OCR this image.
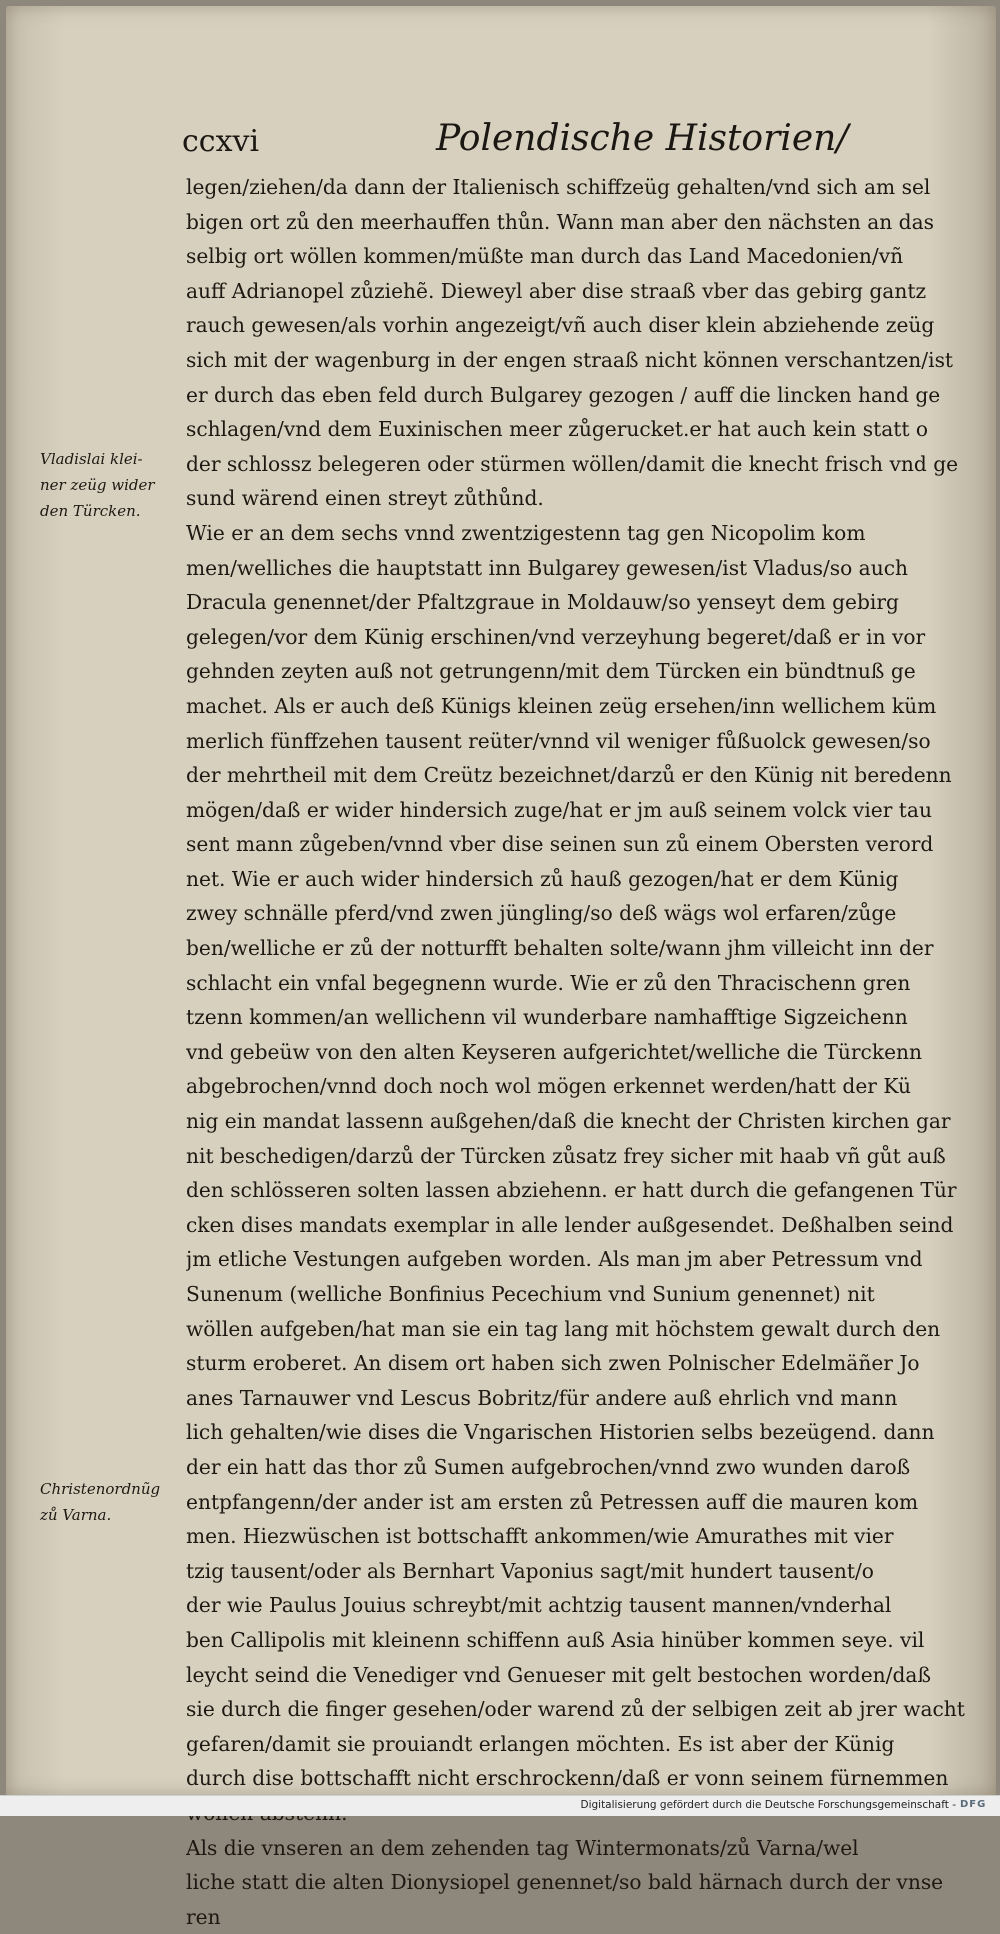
ccxvi	Polendische Historien/
Vladislai klei-
ner zeüg wider
den Türcken.
Christenordnũg
zů Varna.
legen/ziehen/da dann der Italienisch schiffzeüg gehalten/vnd sich am sel
bigen ort zů den meerhauffen thůn. Wann man aber den nächsten an das
selbig ort wöllen kommen/müßte man durch das Land Macedonien/vñ
auff Adrianopel zůziehẽ. Dieweyl aber dise straaß vber das gebirg gantz
rauch gewesen/als vorhin angezeigt/vñ auch diser klein abziehende zeüg
sich mit der wagenburg in der engen straaß nicht können verschantzen/ist
er durch das eben feld durch Bulgarey gezogen / auff die lincken hand ge
schlagen/vnd dem Euxinischen meer zůgerucket.er hat auch kein statt o
der schlossz belegeren oder stürmen wöllen/damit die knecht frisch vnd ge
sund wärend einen streyt zůthůnd.
Wie er an dem sechs vnnd zwentzigestenn tag gen Nicopolim kom
men/welliches die hauptstatt inn Bulgarey gewesen/ist Vladus/so auch
Dracula genennet/der Pfaltzgraue in Moldauw/so yenseyt dem gebirg
gelegen/vor dem Künig erschinen/vnd verzeyhung begeret/daß er in vor
gehnden zeyten auß not getrungenn/mit dem Türcken ein bündtnuß ge
machet. Als er auch deß Künigs kleinen zeüg ersehen/inn wellichem küm
merlich fünffzehen tausent reüter/vnnd vil weniger fůßuolck gewesen/so
der mehrtheil mit dem Creütz bezeichnet/darzů er den Künig nit beredenn
mögen/daß er wider hindersich zuge/hat er jm auß seinem volck vier tau
sent mann zůgeben/vnnd vber dise seinen sun zů einem Obersten verord
net. Wie er auch wider hindersich zů hauß gezogen/hat er dem Künig
zwey schnälle pferd/vnd zwen jüngling/so deß wägs wol erfaren/zůge
ben/welliche er zů der notturfft behalten solte/wann jhm villeicht inn der
schlacht ein vnfal begegnenn wurde. Wie er zů den Thracischenn gren
tzenn kommen/an wellichenn vil wunderbare namhafftige Sigzeichenn
vnd gebeüw von den alten Keyseren aufgerichtet/welliche die Türckenn
abgebrochen/vnnd doch noch wol mögen erkennet werden/hatt der Kü
nig ein mandat lassenn außgehen/daß die knecht der Christen kirchen gar
nit beschedigen/darzů der Türcken zůsatz frey sicher mit haab vñ gůt auß
den schlösseren solten lassen abziehenn. er hatt durch die gefangenen Tür
cken dises mandats exemplar in alle lender außgesendet. Deßhalben seind
jm etliche Vestungen aufgeben worden. Als man jm aber Petressum vnd
Sunenum (welliche Bonfinius Pecechium vnd Sunium genennet) nit
wöllen aufgeben/hat man sie ein tag lang mit höchstem gewalt durch den
sturm eroberet. An disem ort haben sich zwen Polnischer Edelmäñer Jo
anes Tarnauwer vnd Lescus Bobritz/für andere auß ehrlich vnd mann
lich gehalten/wie dises die Vngarischen Historien selbs bezeügend. dann
der ein hatt das thor zů Sumen aufgebrochen/vnnd zwo wunden daroß
entpfangenn/der ander ist am ersten zů Petressen auff die mauren kom
men. Hiezwüschen ist bottschafft ankommen/wie Amurathes mit vier
tzig tausent/oder als Bernhart Vaponius sagt/mit hundert tausent/o
der wie Paulus Jouius schreybt/mit achtzig tausent mannen/vnderhal
ben Callipolis mit kleinenn schiffenn auß Asia hinüber kommen seye. vil
leycht seind die Venediger vnd Genueser mit gelt bestochen worden/daß
sie durch die finger gesehen/oder warend zů der selbigen zeit ab jrer wacht
gefaren/damit sie prouiandt erlangen möchten. Es ist aber der Künig
durch dise bottschafft nicht erschrockenn/daß er vonn seinem fürnemmen
Als die vnseren an dem zehenden tag Wintermonats/zů Varna/wel
liche statt die alten Dionysiopel genennet/so bald härnach durch der vnse
ren
Digitalisierung gefördert durch die Deutsche Forschungsgemeinschaft - DFG
